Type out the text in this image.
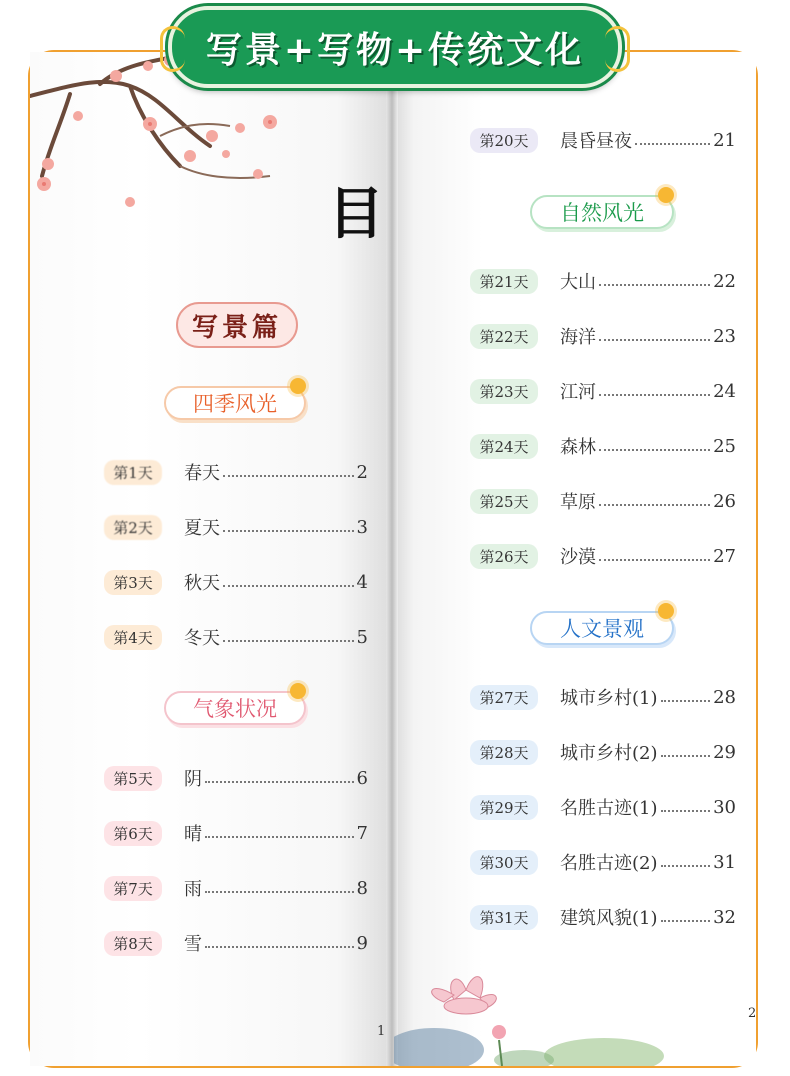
写景+写物+传统文化
目
写景篇
四季风光
第1天	春天	2
第2天	夏天	3
第3天	秋天	4
第4天	冬天	5
气象状况
第5天	阴	6
第6天	晴	7
第7天	雨	8
第8天	雪	9
1
第20天	晨昏昼夜	21
自然风光
第21天	大山	22
第22天	海洋	23
第23天	江河	24
第24天	森林	25
第25天	草原	26
第26天	沙漠	27
人文景观
第27天	城市乡村(1)	28
第28天	城市乡村(2)	29
第29天	名胜古迹(1)	30
第30天	名胜古迹(2)	31
第31天	建筑风貌(1)	32
2
